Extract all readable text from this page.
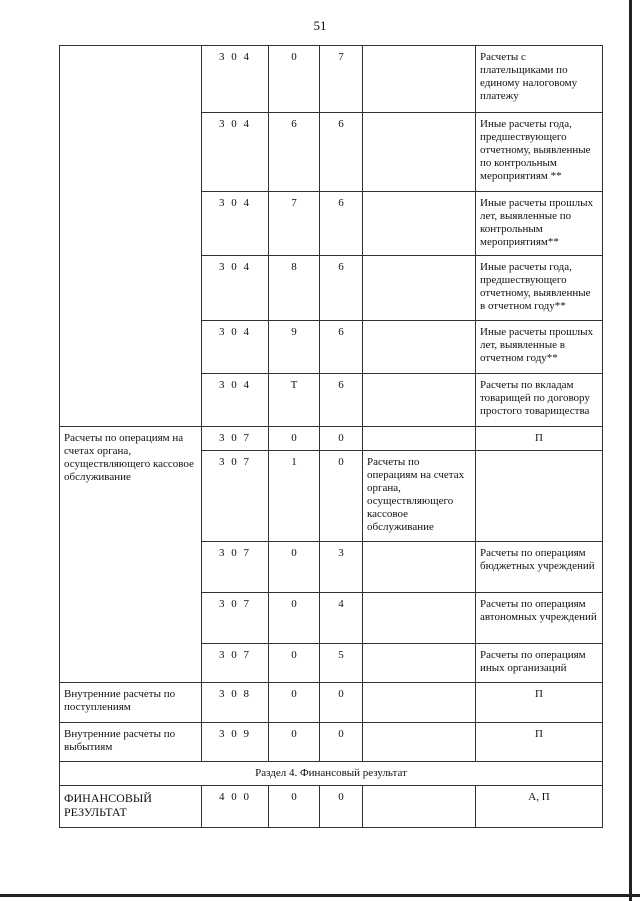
51
	3 0 4	0	7		Расчеты с плательщиками по единому налоговому платежу
	3 0 4	6	6		Иные расчеты года, предшествующего отчетному, выявленные по контрольным мероприятиям **
	3 0 4	7	6		Иные расчеты прошлых лет, выявленные по контрольным мероприятиям**
	3 0 4	8	6		Иные расчеты года, предшествующего отчетному, выявленные в отчетном году**
	3 0 4	9	6		Иные расчеты прошлых лет, выявленные в отчетном году**
	3 0 4	Т	6		Расчеты по вкладам товарищей по договору простого товарищества
Расчеты по операциям на счетах органа, осуществляющего кассовое обслуживание	3 0 7	0	0		П
	3 0 7	1	0	Расчеты по операциям на счетах органа, осуществляющего кассовое обслуживание	
	3 0 7	0	3		Расчеты по операциям бюджетных учреждений
	3 0 7	0	4		Расчеты по операциям автономных учреждений
	3 0 7	0	5		Расчеты по операциям иных организаций
Внутренние расчеты по поступлениям	3 0 8	0	0		П
Внутренние расчеты по выбытиям	3 0 9	0	0		П
Раздел 4. Финансовый результат					
ФИНАНСОВЫЙ РЕЗУЛЬТАТ	4 0 0	0	0		А, П
